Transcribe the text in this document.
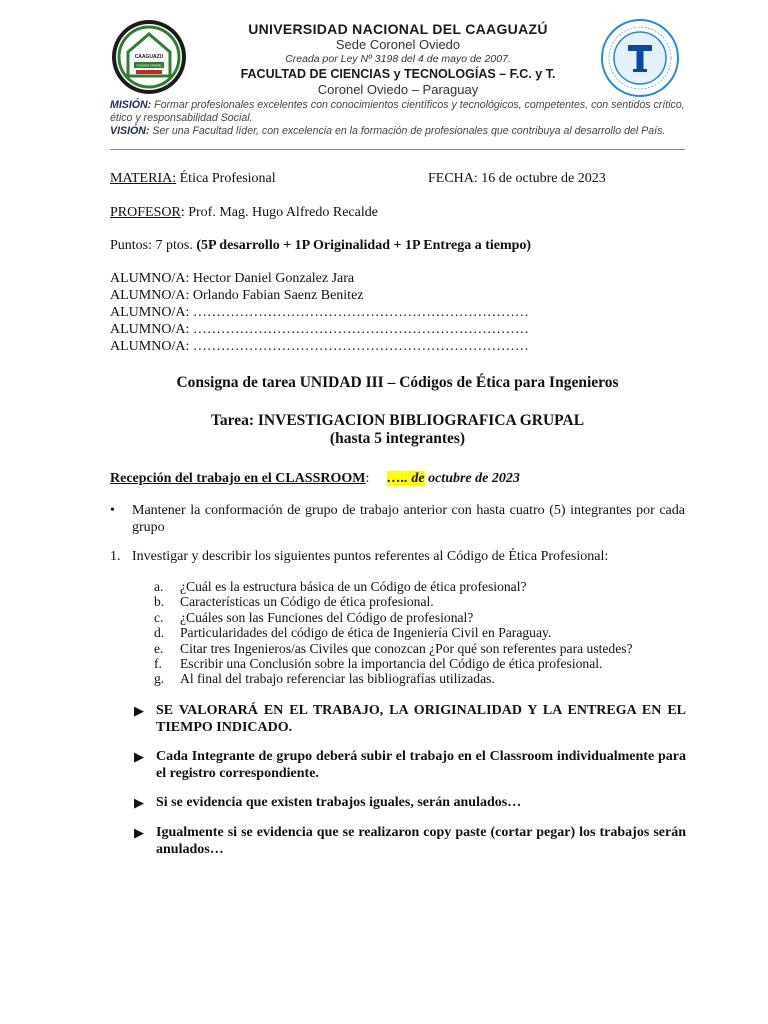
CAAGUAZU
Coronel Oviedo
UNIVERSIDAD NACIONAL DEL CAAGUAZÚ
Sede Coronel Oviedo
Creada por Ley Nº 3198 del 4 de mayo de 2007.
FACULTAD DE CIENCIAS y TECNOLOGÍAS – F.C. y T.
Coronel Oviedo – Paraguay

MISIÓN: Formar profesionales excelentes con conocimientos científicos y tecnológicos, competentes, con sentidos crítico, ético y responsabilidad Social.

VISIÓN: Ser una Facultad líder, con excelencia en la formación de profesionales que contribuya al desarrollo del País.

MATERIA: Ética Profesional	FECHA: 16 de octubre de 2023
PROFESOR: Prof. Mag. Hugo Alfredo Recalde
Puntos: 7 ptos. (5P desarrollo + 1P Originalidad + 1P Entrega a tiempo)
ALUMNO/A: Hector Daniel Gonzalez Jara
ALUMNO/A: Orlando Fabian Saenz Benitez
ALUMNO/A: ………………………………………………………………
ALUMNO/A: ………………………………………………………………
ALUMNO/A: ………………………………………………………………
Consigna de tarea UNIDAD III – Códigos de Ética para Ingenieros
Tarea: INVESTIGACION BIBLIOGRAFICA GRUPAL
(hasta 5 integrantes)
Recepción del trabajo en el CLASSROOM: ….. de octubre de 2023
• Mantener la conformación de grupo de trabajo anterior con hasta cuatro (5) integrantes por cada grupo
1. Investigar y describir los siguientes puntos referentes al Código de Ética Profesional:
a. ¿Cuál es la estructura básica de un Código de ética profesional?
b. Características un Código de ética profesional.
c. ¿Cuáles son las Funciones del Código de profesional?
d. Particularidades del código de ética de Ingeniería Civil en Paraguay.
e. Citar tres Ingenieros/as Civiles que conozcan ¿Por qué son referentes para ustedes?
f. Escribir una Conclusión sobre la importancia del Código de ética profesional.
g. Al final del trabajo referenciar las bibliografías utilizadas.
▶ SE VALORARÁ EN EL TRABAJO, LA ORIGINALIDAD Y LA ENTREGA EN EL TIEMPO INDICADO.
▶ Cada Integrante de grupo deberá subir el trabajo en el Classroom individualmente para el registro correspondiente.
▶ Si se evidencia que existen trabajos iguales, serán anulados…
▶ Igualmente si se evidencia que se realizaron copy paste (cortar pegar) los trabajos serán anulados…
